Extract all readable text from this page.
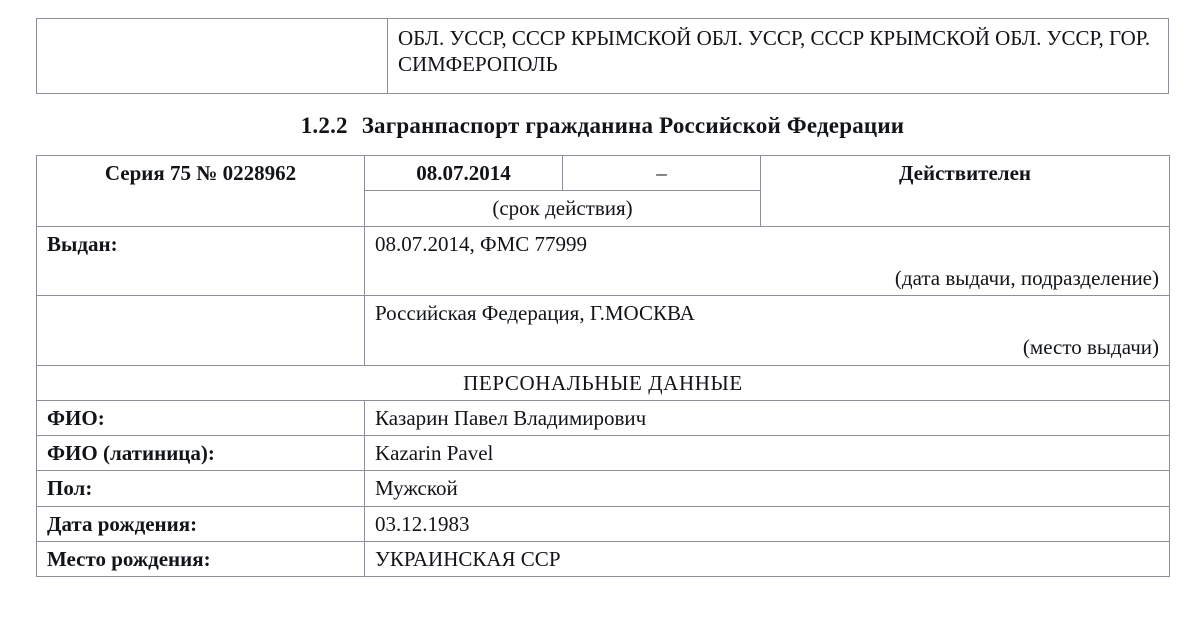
	ОБЛ. УССР, СССР КРЫМСКОЙ ОБЛ. УССР, СССР КРЫМСКОЙ ОБЛ. УССР, ГОР. СИМФЕРОПОЛЬ
1.2.2 Загранпаспорт гражданина Российской Федерации
Серия 75 № 0228962	08.07.2014	–	Действителен
	(срок действия)		
Выдан:	08.07.2014, ФМС 77999		
	(дата выдачи, подразделение)		
	Российская Федерация, Г.МОСКВА		
	(место выдачи)		
ПЕРСОНАЛЬНЫЕ ДАННЫЕ			
ФИО:	Казарин Павел Владимирович		
ФИО (латиница):	Kazarin Pavel		
Пол:	Мужской		
Дата рождения:	03.12.1983		
Место рождения:	УКРАИНСКАЯ ССР		
